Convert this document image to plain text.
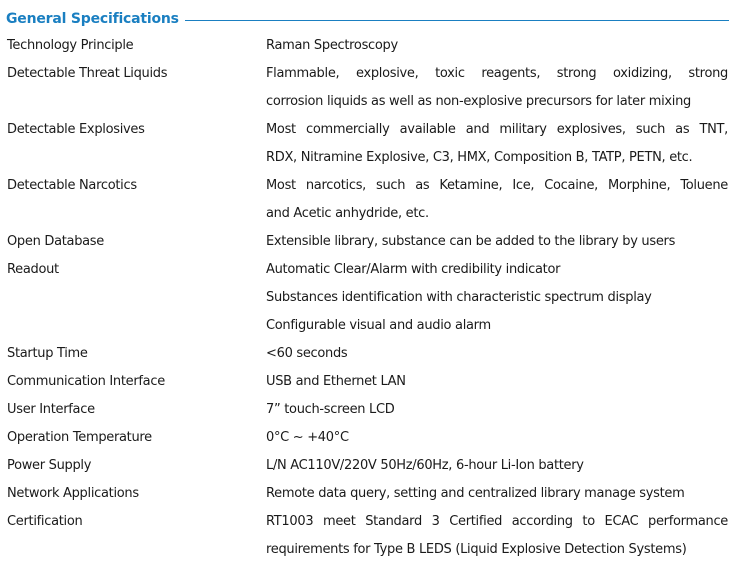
General Specifications
Technology Principle	Raman Spectroscopy
Detectable Threat Liquids	Flammable, explosive, toxic reagents, strong oxidizing, strong
corrosion liquids as well as non-explosive precursors for later mixing
Detectable Explosives	Most commercially available and military explosives, such as TNT,
RDX, Nitramine Explosive, C3, HMX, Composition B, TATP, PETN, etc.
Detectable Narcotics	Most narcotics, such as Ketamine, Ice, Cocaine, Morphine, Toluene
and Acetic anhydride, etc.
Open Database	Extensible library, substance can be added to the library by users
Readout	Automatic Clear/Alarm with credibility indicator
Substances identification with characteristic spectrum display
Configurable visual and audio alarm
Startup Time	<60 seconds
Communication Interface	USB and Ethernet LAN
User Interface	7” touch-screen LCD
Operation Temperature	0°C ~ +40°C
Power Supply	L/N AC110V/220V 50Hz/60Hz, 6-hour Li-Ion battery
Network Applications	Remote data query, setting and centralized library manage system
Certification	RT1003 meet Standard 3 Certified according to ECAC performance
requirements for Type B LEDS (Liquid Explosive Detection Systems)
